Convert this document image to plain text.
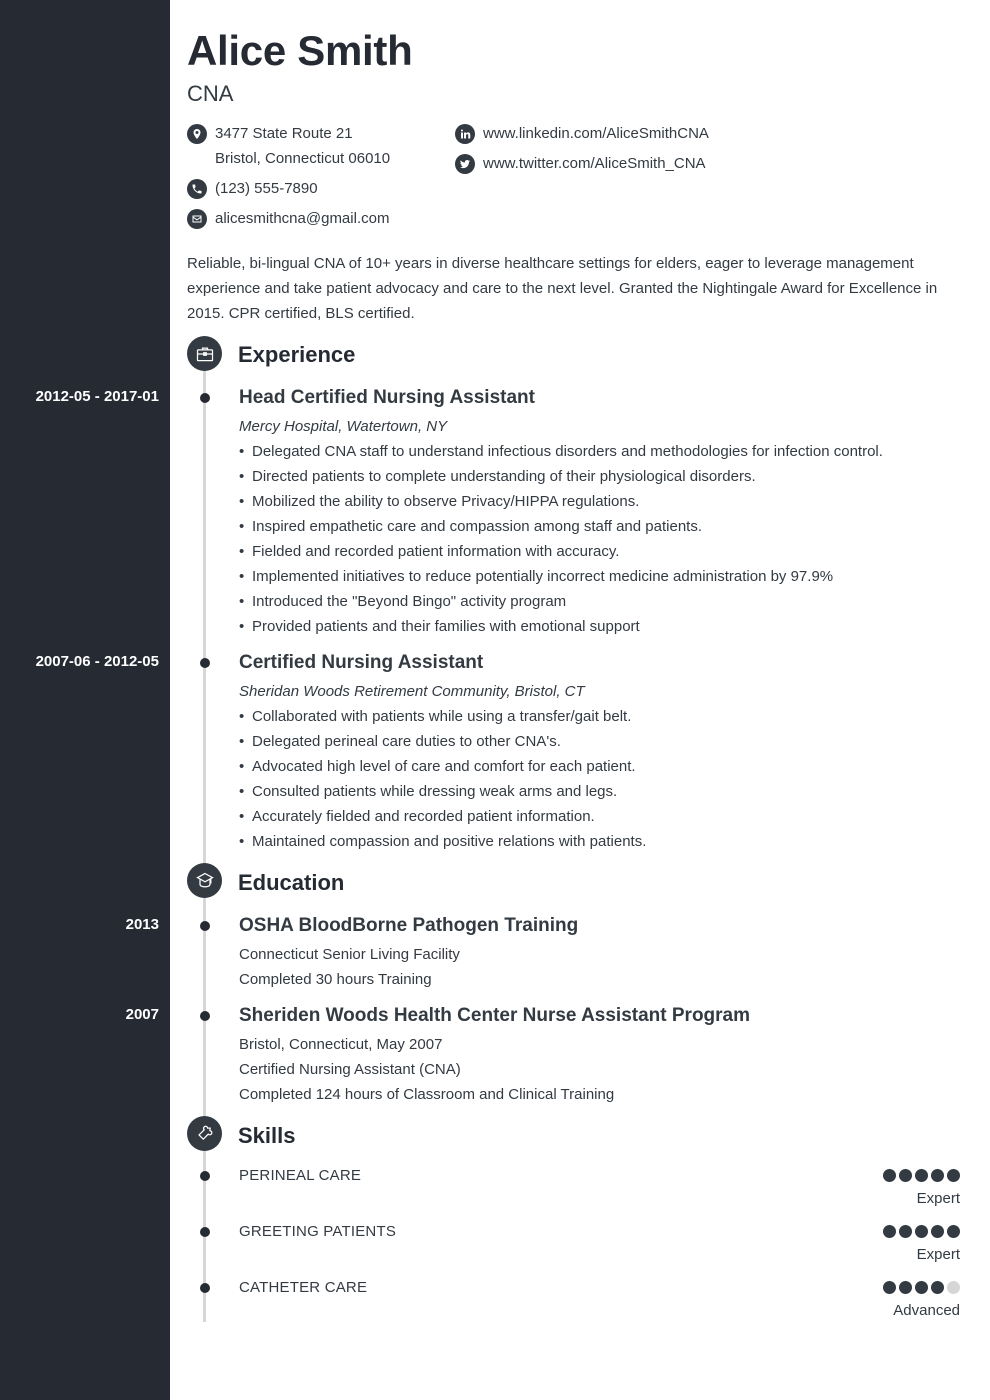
Alice Smith
CNA
3477 State Route 21
Bristol, Connecticut 06010
(123) 555-7890
alicesmithcna@gmail.com
www.linkedin.com/AliceSmithCNA
www.twitter.com/AliceSmith_CNA

Reliable, bi-lingual CNA of 10+ years in diverse healthcare settings for elders, eager to leverage management experience and take patient advocacy and care to the next level. Granted the Nightingale Award for Excellence in 2015. CPR certified, BLS certified.

Experience
2012-05 - 2017-01	Head Certified Nursing Assistant
Mercy Hospital, Watertown, NY
• Delegated CNA staff to understand infectious disorders and methodologies for infection control.
• Directed patients to complete understanding of their physiological disorders.
• Mobilized the ability to observe Privacy/HIPPA regulations.
• Inspired empathetic care and compassion among staff and patients.
• Fielded and recorded patient information with accuracy.
• Implemented initiatives to reduce potentially incorrect medicine administration by 97.9%
• Introduced the "Beyond Bingo" activity program
• Provided patients and their families with emotional support
2007-06 - 2012-05	Certified Nursing Assistant
Sheridan Woods Retirement Community, Bristol, CT
• Collaborated with patients while using a transfer/gait belt.
• Delegated perineal care duties to other CNA's.
• Advocated high level of care and comfort for each patient.
• Consulted patients while dressing weak arms and legs.
• Accurately fielded and recorded patient information.
• Maintained compassion and positive relations with patients.
Education
2013	OSHA BloodBorne Pathogen Training
Connecticut Senior Living Facility
Completed 30 hours Training
2007	Sheriden Woods Health Center Nurse Assistant Program
Bristol, Connecticut, May 2007
Certified Nursing Assistant (CNA)
Completed 124 hours of Classroom and Clinical Training
Skills
PERINEAL CARE
Expert
GREETING PATIENTS
Expert
CATHETER CARE
Advanced
